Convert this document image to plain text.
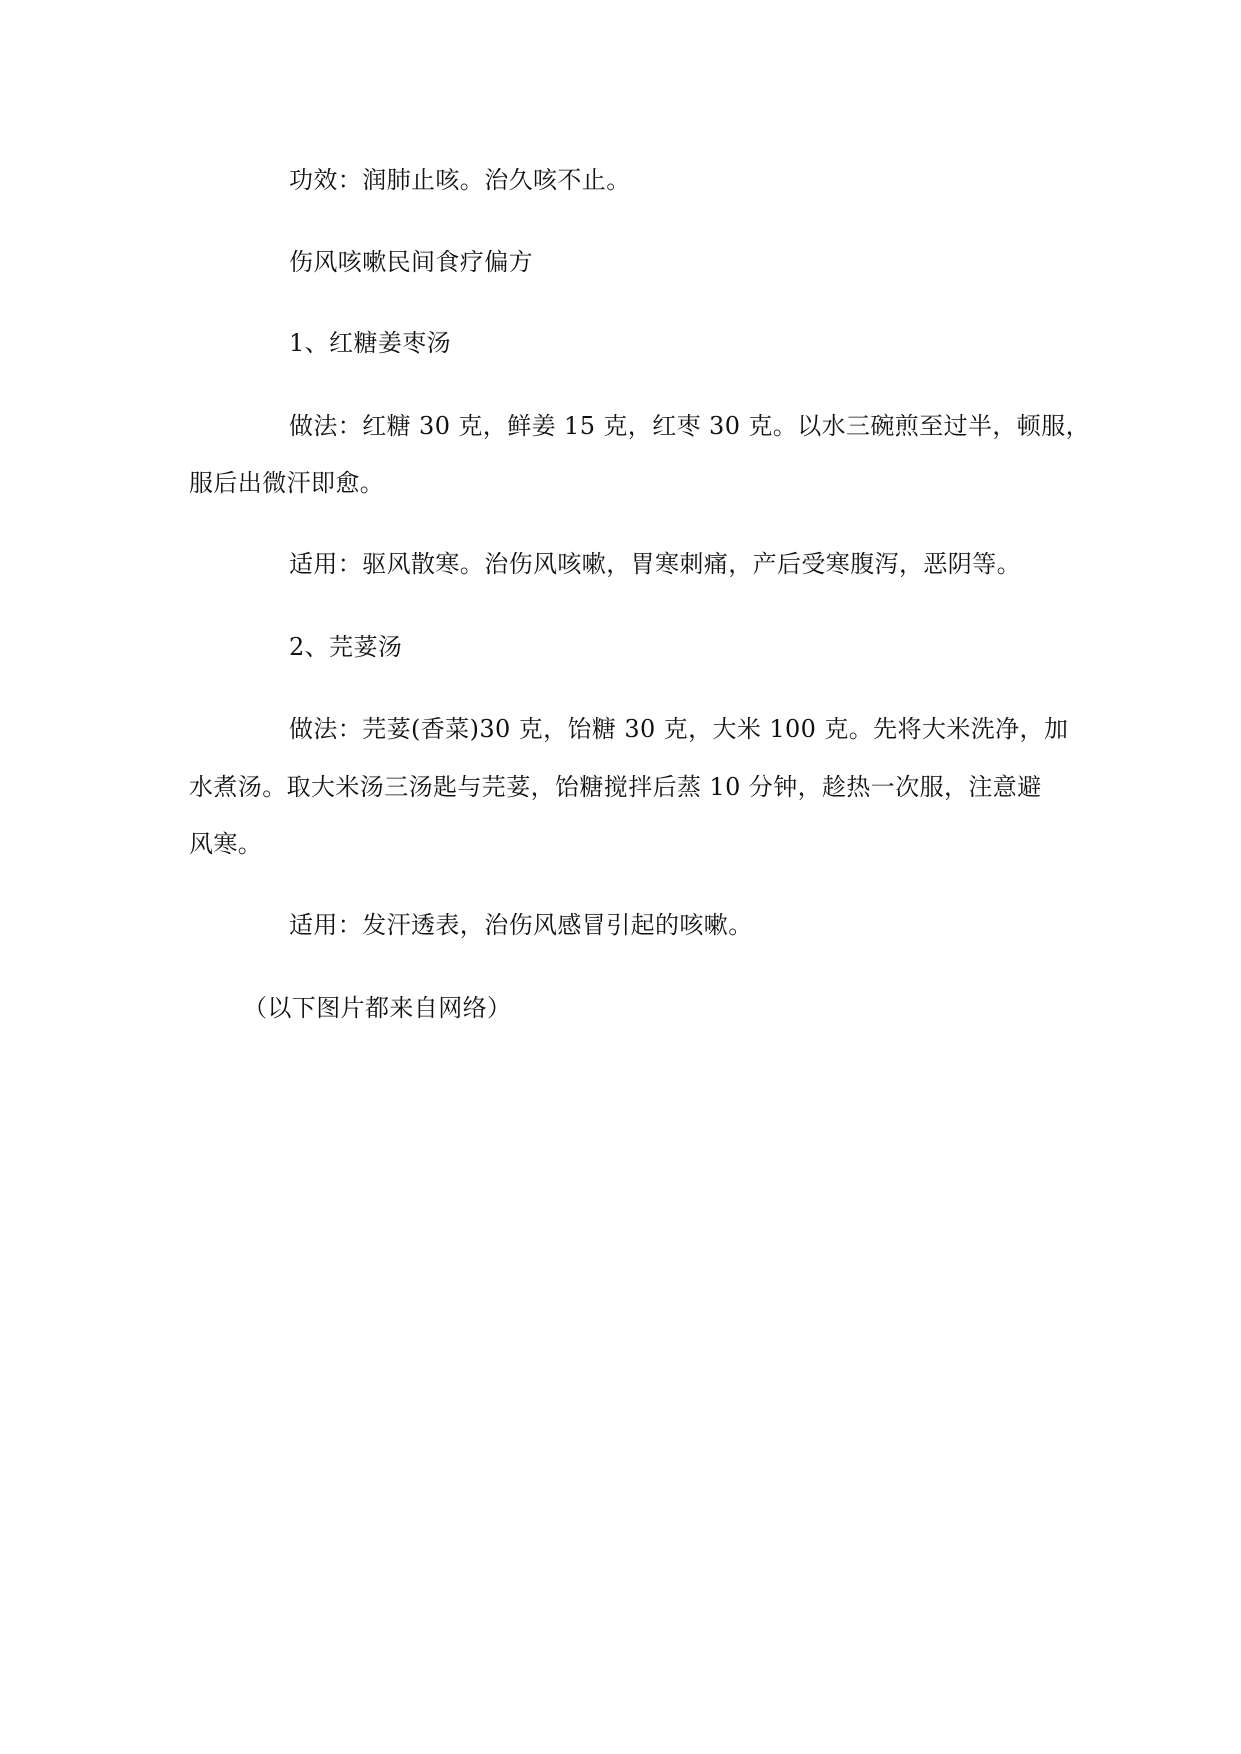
功效：润肺止咳。治久咳不止。

伤风咳嗽民间食疗偏方

1、红糖姜枣汤

做法：红糖 30 克，鲜姜 15 克，红枣 30 克。以水三碗煎至过半，顿服，

服后出微汗即愈。

适用：驱风散寒。治伤风咳嗽，胃寒刺痛，产后受寒腹泻，恶阴等。

2、芫荽汤

做法：芫荽(香菜)30 克，饴糖 30 克，大米 100 克。先将大米洗净，加

水煮汤。取大米汤三汤匙与芫荽，饴糖搅拌后蒸 10 分钟，趁热一次服，注意避

风寒。

适用：发汗透表，治伤风感冒引起的咳嗽。

（以下图片都来自网络）
